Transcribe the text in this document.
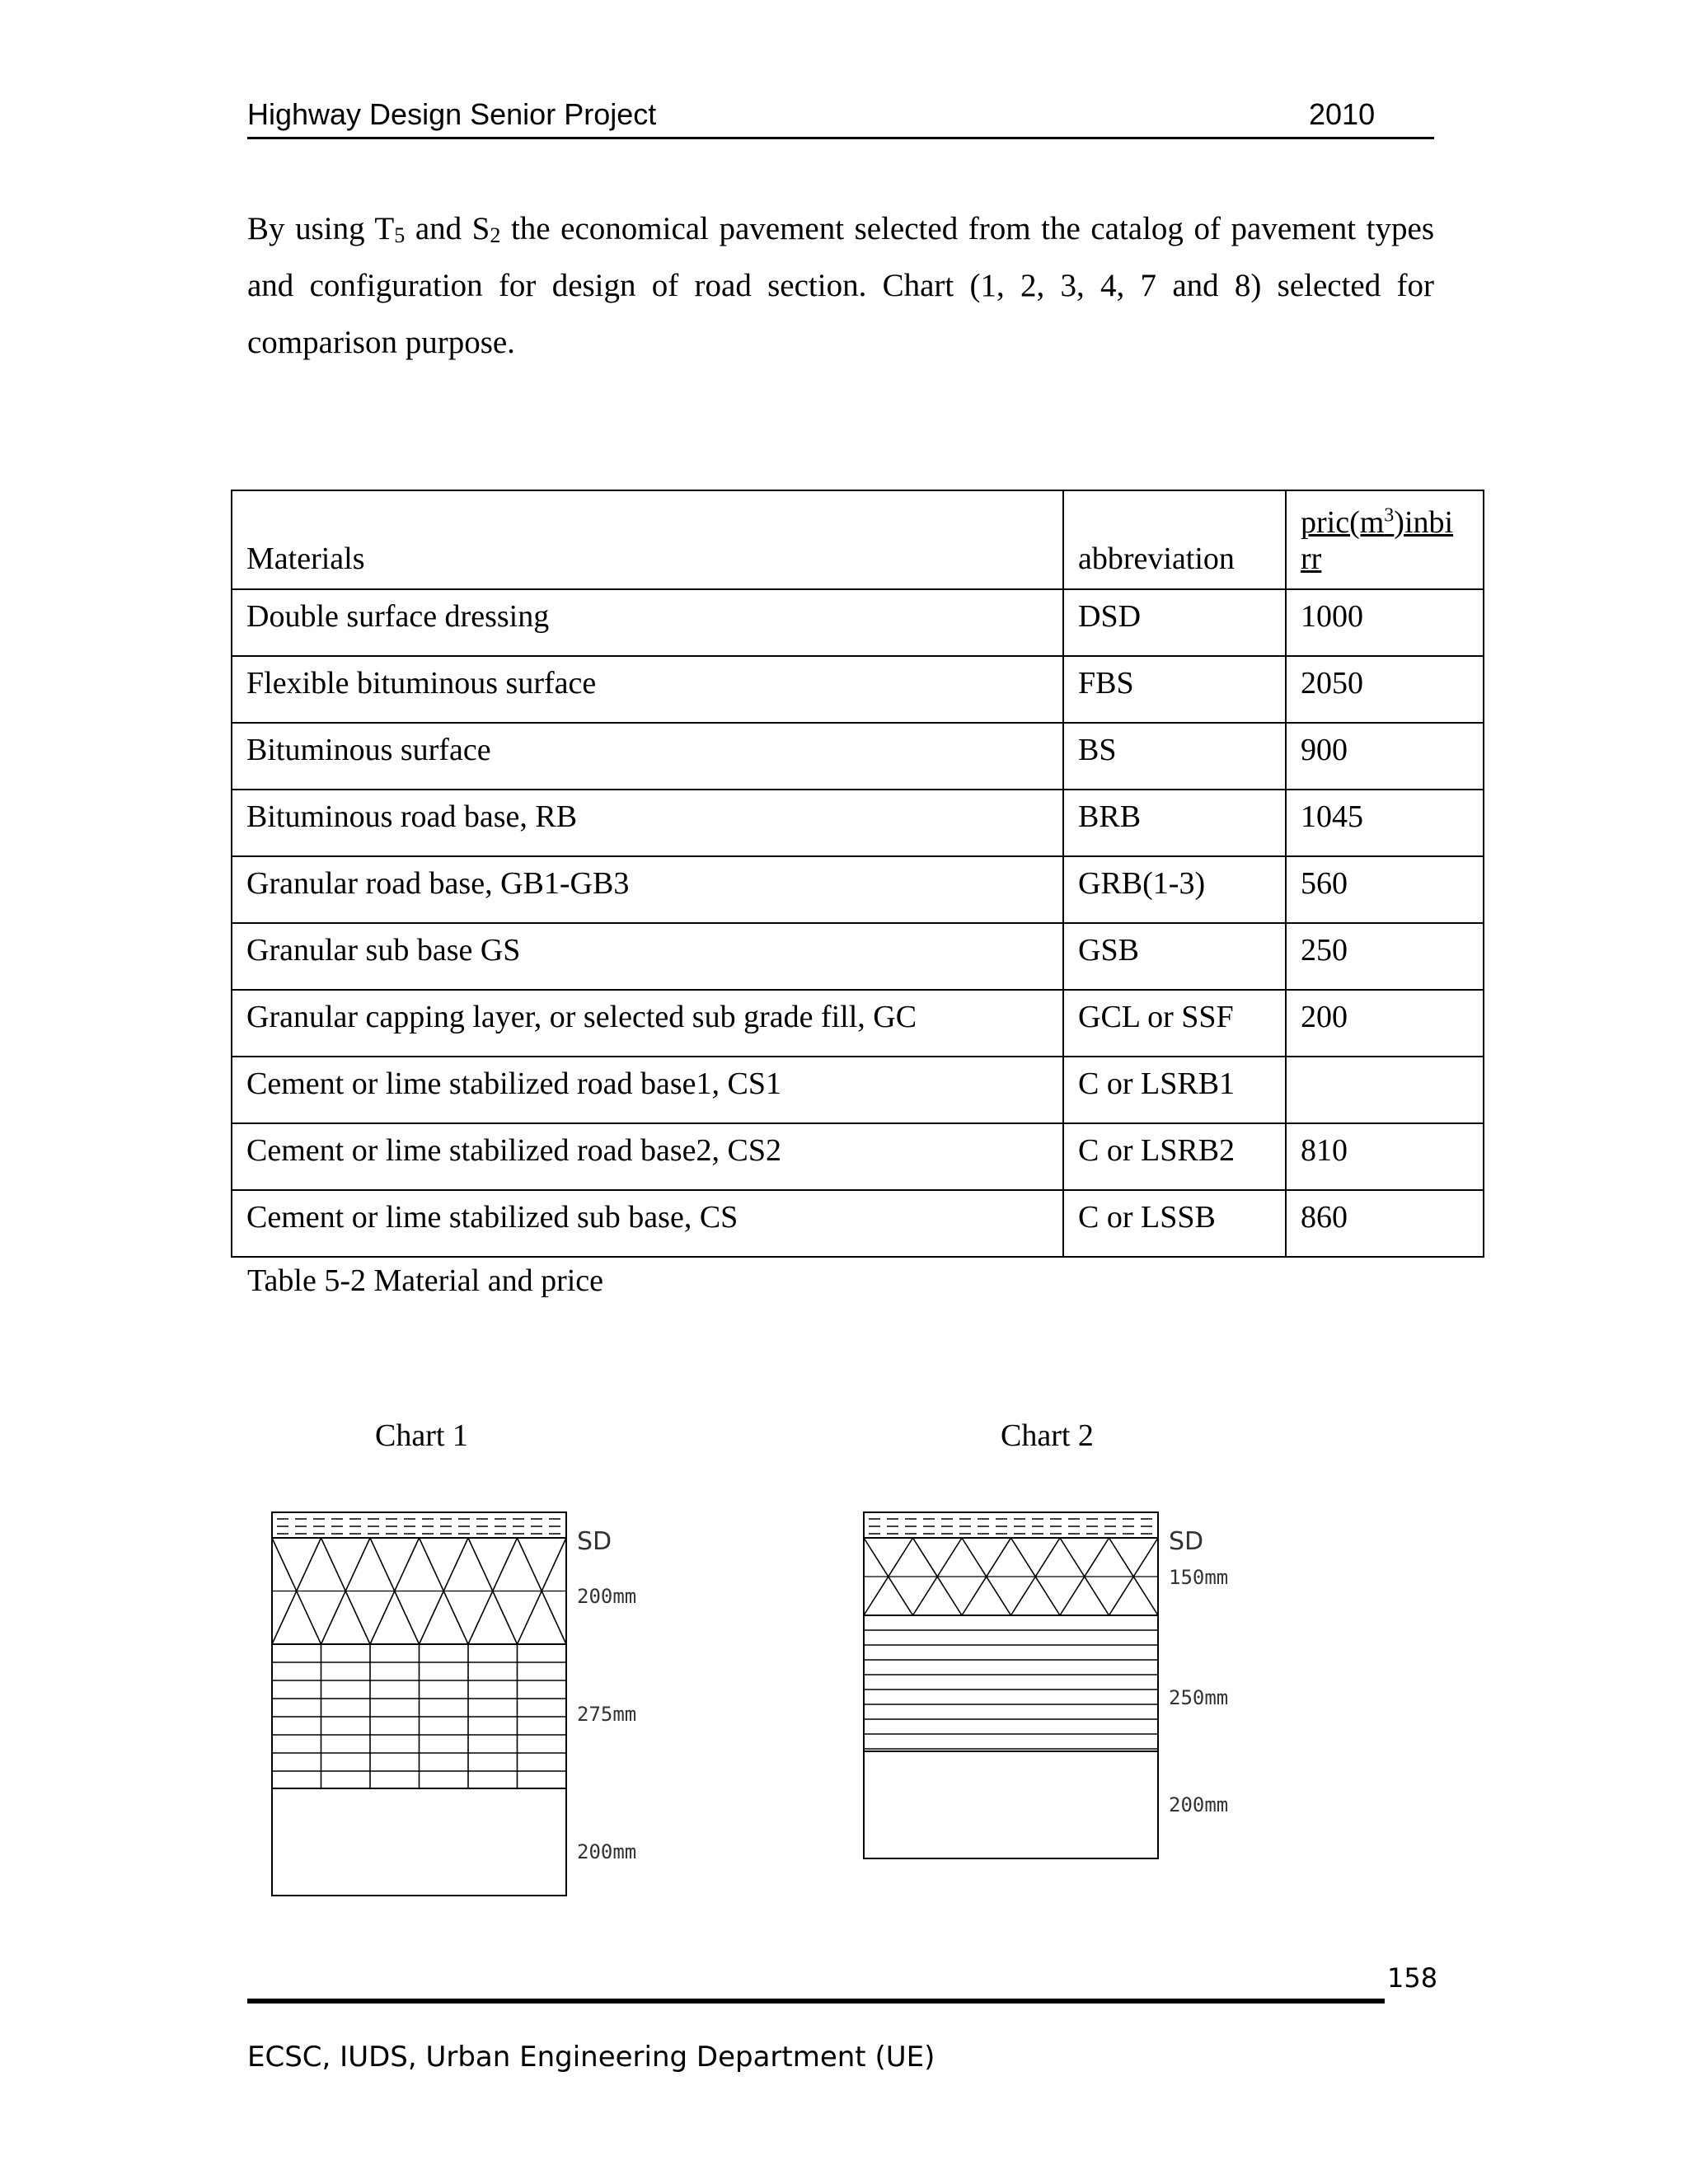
Highway Design Senior Project	2010
By using $T_5$ and $S_2$ the economical pavement selected from the catalog of pavement types and configuration for design of road section. Chart (1, 2, 3, 4, 7 and 8) selected for comparison purpose.
Materials	abbreviation	$pric(m^3)inbi$ rr
Double surface dressing	DSD	1000
Flexible bituminous surface	FBS	2050
Bituminous surface	BS	900
Bituminous road base, RB	BRB	1045
Granular road base, GB1-GB3	GRB(1-3)	560
Granular sub base GS	GSB	250
Granular capping layer, or selected sub grade fill, GC	GCL or SSF	200
Cement or lime stabilized road base1, CS1	C or LSRB1	
Cement or lime stabilized road base2, CS2	C or LSRB2	810
Cement or lime stabilized sub base, CS	C or LSSB	860
Table 5-2 Material and price
Chart 1	Chart 2
SD
200mm
275mm
200mm
SD
150mm
250mm
200mm
158
ECSC, IUDS, Urban Engineering Department (UE)
